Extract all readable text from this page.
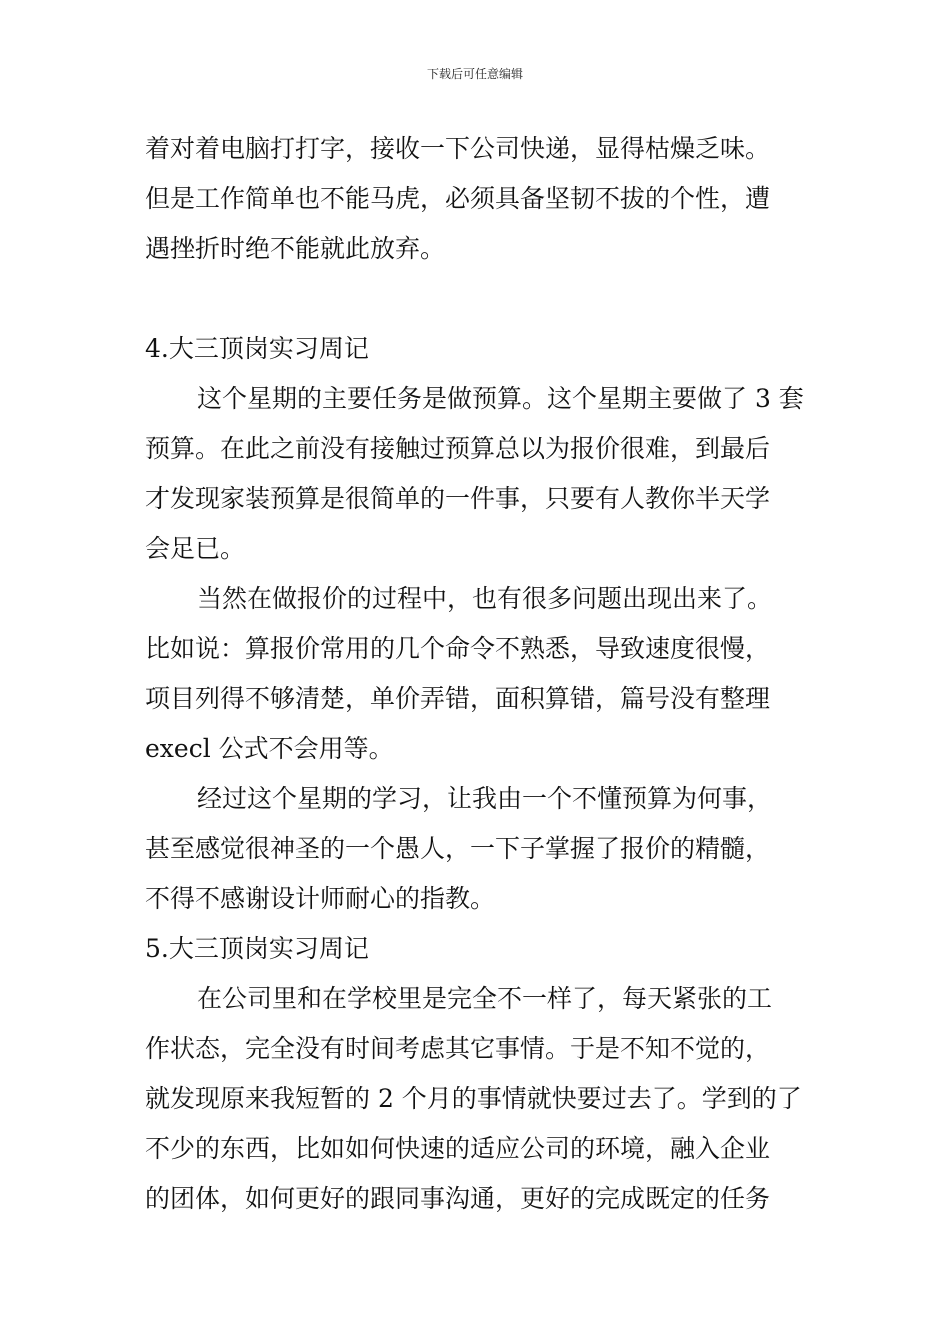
下载后可任意编辑

着对着电脑打打字，接收一下公司快递，显得枯燥乏味。

但是工作简单也不能马虎，必须具备坚韧不拔的个性，遭

遇挫折时绝不能就此放弃。

4.大三顶岗实习周记

这个星期的主要任务是做预算。这个星期主要做了 3 套

预算。在此之前没有接触过预算总以为报价很难，到最后

才发现家装预算是很简单的一件事，只要有人教你半天学

会足已。

当然在做报价的过程中，也有很多问题出现出来了。

比如说：算报价常用的几个命令不熟悉，导致速度很慢，

项目列得不够清楚，单价弄错，面积算错，篇号没有整理

execl 公式不会用等。

经过这个星期的学习，让我由一个不懂预算为何事，

甚至感觉很神圣的一个愚人，一下子掌握了报价的精髓，

不得不感谢设计师耐心的指教。

5.大三顶岗实习周记

在公司里和在学校里是完全不一样了，每天紧张的工

作状态，完全没有时间考虑其它事情。于是不知不觉的，

就发现原来我短暂的 2 个月的事情就快要过去了。学到的了

不少的东西，比如如何快速的适应公司的环境，融入企业

的团体，如何更好的跟同事沟通，更好的完成既定的任务
